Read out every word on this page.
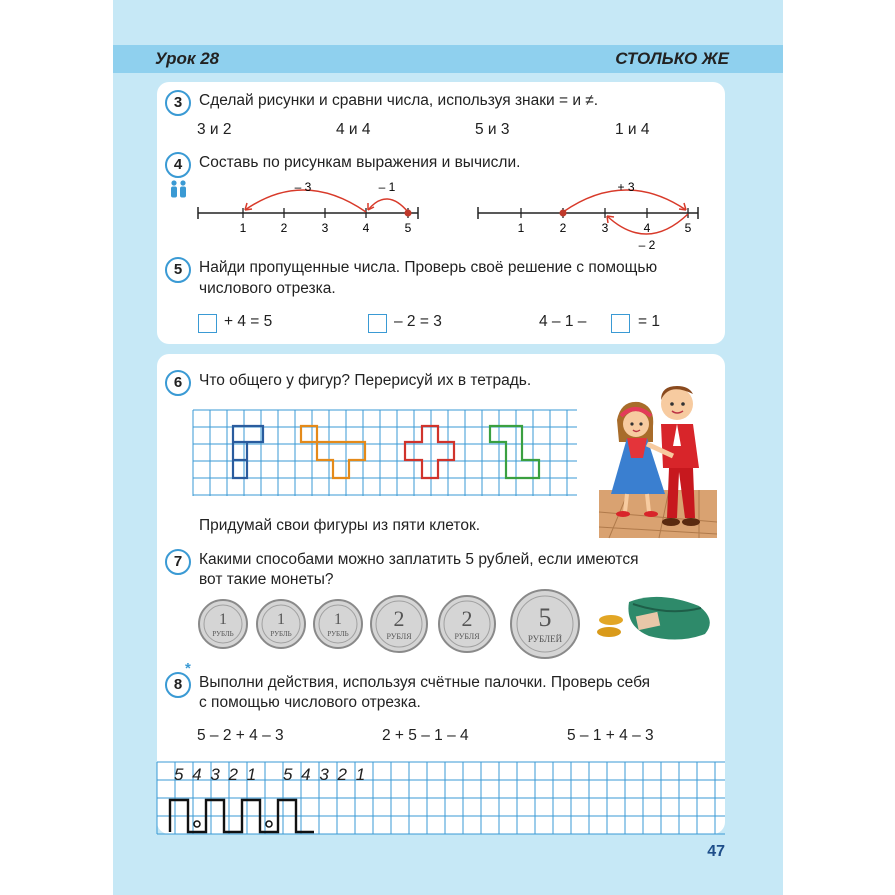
Урок 28	СТОЛЬКО ЖЕ
3	Сделай рисунки и сравни числа, используя знаки = и ≠.
3 и 2	4 и 4	5 и 3	1 и 4
4	Составь по рисункам выражения и вычисли.
– 3	– 1
1	2	3	4	5
+ 3
– 2
1	2	3	4	5
5	Найди пропущенные числа. Проверь своё решение с помощью
числового отрезка.
+ 4 = 5	– 2 = 3	4 – 1 –	= 1
6	Что общего у фигур? Перерисуй их в тетрадь.
Придумай свои фигуры из пяти клеток.
7	Какими способами можно заплатить 5 рублей, если имеются
вот такие монеты?
1
РУБЛЬ
1
РУБЛЬ
1
РУБЛЬ
2
РУБЛЯ
2
РУБЛЯ
5
РУБЛЕЙ
8
*
Выполни действия, используя счётные палочки. Проверь себя
с помощью числового отрезка.
5 – 2 + 4 – 3	2 + 5 – 1 – 4	5 – 1 + 4 – 3
5 4 3 2 1 5 4 3 2 1
47
